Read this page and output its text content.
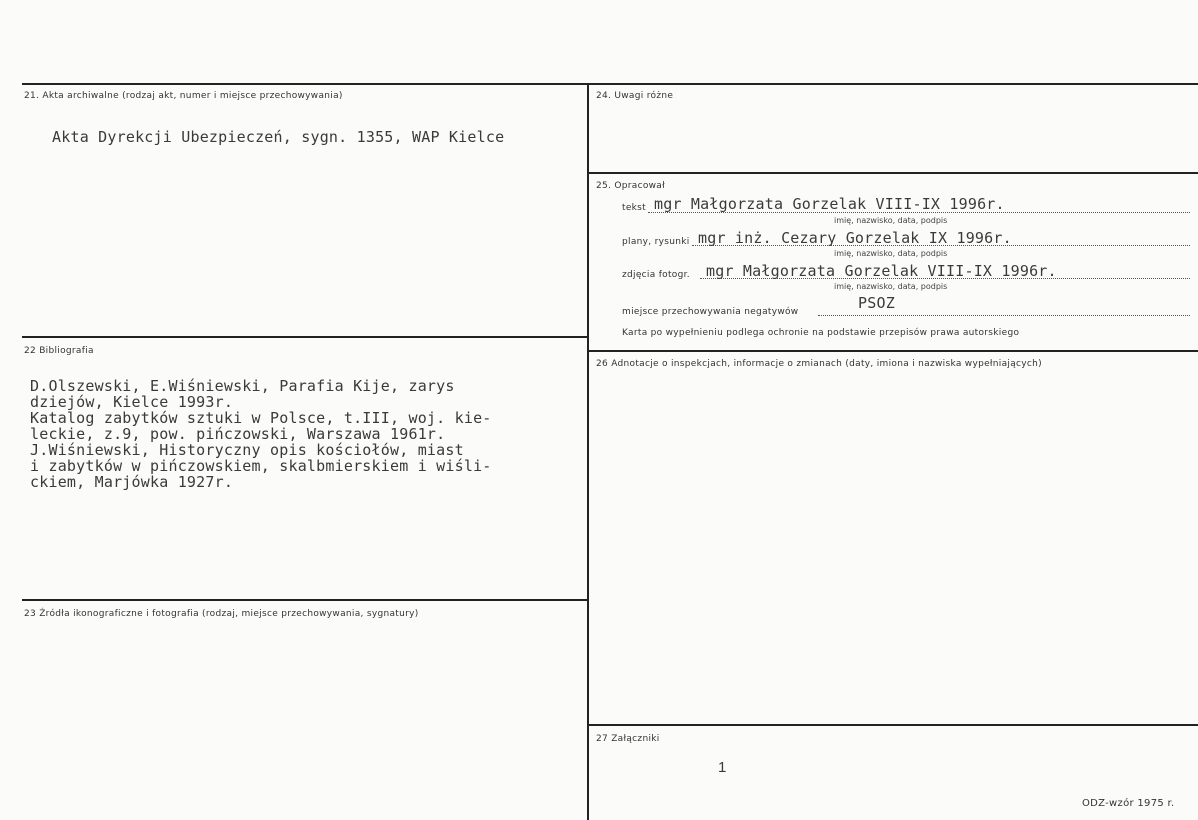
21. Akta archiwalne (rodzaj akt, numer i miejsce przechowywania)
Akta Dyrekcji Ubezpieczeń, sygn. 1355, WAP Kielce
22 Bibliografia
D.Olszewski, E.Wiśniewski, Parafia Kije, zarys
dziejów, Kielce 1993r.
Katalog zabytków sztuki w Polsce, t.III, woj. kie-
leckie, z.9, pow. pińczowski, Warszawa 1961r.
J.Wiśniewski, Historyczny opis kościołów, miast
i zabytków w pińczowskiem, skalbmierskiem i wiśli-
ckiem, Marjówka 1927r.
23 Źródła ikonograficzne i fotografia (rodzaj, miejsce przechowywania, sygnatury)
24. Uwagi różne
25. Opracował
tekst mgr Małgorzata Gorzelak VIII-IX 1996r.
imię, nazwisko, data, podpis
plany, rysunki mgr inż. Cezary Gorzelak IX 1996r.
imię, nazwisko, data, podpis
zdjęcia fotogr. mgr Małgorzata Gorzelak VIII-IX 1996r.
imię, nazwisko, data, podpis
miejsce przechowywania negatywów	PSOZ
Karta po wypełnieniu podlega ochronie na podstawie przepisów prawa autorskiego
26 Adnotacje o inspekcjach, informacje o zmianach (daty, imiona i nazwiska wypełniających)
27 Załączniki
1
ODZ-wzór 1975 r.
